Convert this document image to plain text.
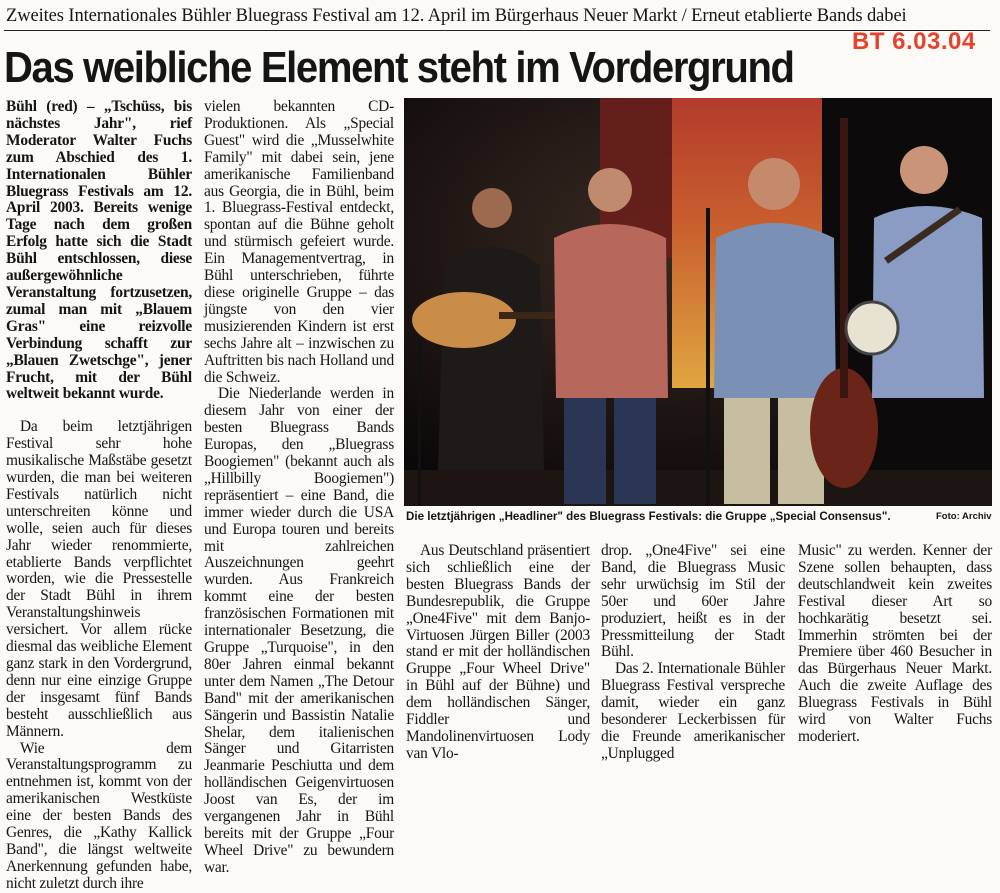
Zweites Internationales Bühler Bluegrass Festival am 12. April im Bürgerhaus Neuer Markt / Erneut etablierte Bands dabei
BT 6.03.04
Das weibliche Element steht im Vordergrund

Bühl (red) – „Tschüss, bis nächstes Jahr", rief Moderator Walter Fuchs zum Abschied des 1. Internationalen Bühler Bluegrass Festivals am 12. April 2003. Bereits wenige Tage nach dem großen Erfolg hatte sich die Stadt Bühl entschlossen, diese außergewöhnliche Veranstaltung fortzusetzen, zumal man mit „Blauem Gras" eine reizvolle Verbindung schafft zur „Blauen Zwetschge", jener Frucht, mit der Bühl weltweit bekannt wurde.

Da beim letztjährigen Festival sehr hohe musikalische Maßstäbe gesetzt wurden, die man bei weiteren Festivals natürlich nicht unterschreiten könne und wolle, seien auch für dieses Jahr wieder renommierte, etablierte Bands verpflichtet worden, wie die Pressestelle der Stadt Bühl in ihrem Veranstaltungshinweis versichert. Vor allem rücke diesmal das weibliche Element ganz stark in den Vordergrund, denn nur eine einzige Gruppe der insgesamt fünf Bands besteht ausschließlich aus Männern.

Wie dem Veranstaltungsprogramm zu entnehmen ist, kommt von der amerikanischen Westküste eine der besten Bands des Genres, die „Kathy Kallick Band", die längst weltweite Anerkennung gefunden habe, nicht zuletzt durch ihre

vielen bekannten CD-Produktionen. Als „Special Guest" wird die „Musselwhite Family" mit dabei sein, jene amerikanische Familienband aus Georgia, die in Bühl, beim 1. Bluegrass-Festival entdeckt, spontan auf die Bühne geholt und stürmisch gefeiert wurde. Ein Managementvertrag, in Bühl unterschrieben, führte diese originelle Gruppe – das jüngste von den vier musizierenden Kindern ist erst sechs Jahre alt – inzwischen zu Auftritten bis nach Holland und die Schweiz.

Die Niederlande werden in diesem Jahr von einer der besten Bluegrass Bands Europas, den „Bluegrass Boogiemen" (bekannt auch als „Hillbilly Boogiemen") repräsentiert – eine Band, die immer wieder durch die USA und Europa touren und bereits mit zahlreichen Auszeichnungen geehrt wurden. Aus Frankreich kommt eine der besten französischen Formationen mit internationaler Besetzung, die Gruppe „Turquoise", in den 80er Jahren einmal bekannt unter dem Namen „The Detour Band" mit der amerikanischen Sängerin und Bassistin Natalie Shelar, dem italienischen Sänger und Gitarristen Jeanmarie Peschiutta und dem holländischen Geigenvirtuosen Joost van Es, der im vergangenen Jahr in Bühl bereits mit der Gruppe „Four Wheel Drive" zu bewundern war.

Die letztjährigen „Headliner" des Bluegrass Festivals: die Gruppe „Special Consensus".	Foto: Archiv

Aus Deutschland präsentiert sich schließlich eine der besten Bluegrass Bands der Bundesrepublik, die Gruppe „One4Five" mit dem Banjo-Virtuosen Jürgen Biller (2003 stand er mit der holländischen Gruppe „Four Wheel Drive" in Bühl auf der Bühne) und dem holländischen Sänger, Fiddler und Mandolinenvirtuosen Lody van Vlo-

drop. „One4Five" sei eine Band, die Bluegrass Music sehr urwüchsig im Stil der 50er und 60er Jahre produziert, heißt es in der Pressmitteilung der Stadt Bühl.

Das 2. Internationale Bühler Bluegrass Festival verspreche damit, wieder ein ganz besonderer Leckerbissen für die Freunde amerikanischer „Unplugged

Music" zu werden. Kenner der Szene sollen behaupten, dass deutschlandweit kein zweites Festival dieser Art so hochkarätig besetzt sei. Immerhin strömten bei der Premiere über 460 Besucher in das Bürgerhaus Neuer Markt. Auch die zweite Auflage des Bluegrass Festivals in Bühl wird von Walter Fuchs moderiert.
